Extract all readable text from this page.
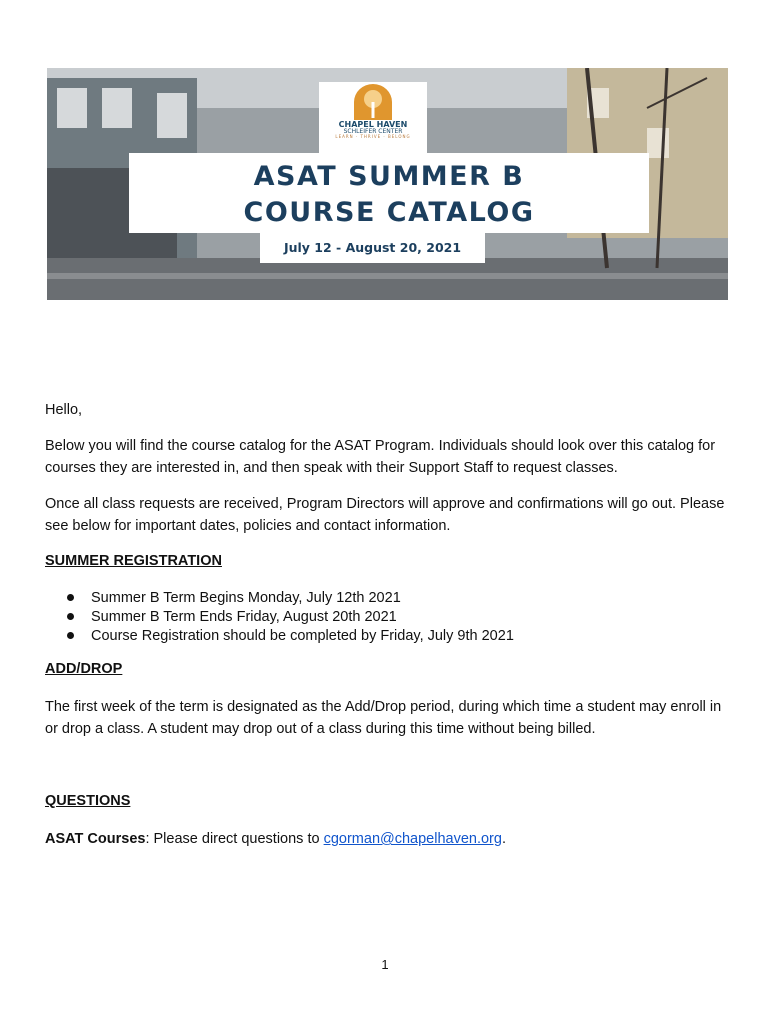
CHAPEL HAVEN
SCHLEIFER CENTER
LEARN · THRIVE · BELONG
ASAT SUMMER B
COURSE CATALOG
July 12 - August 20, 2021

Hello,

Below you will find the course catalog for the ASAT Program. Individuals should look over this catalog for courses they are interested in, and then speak with their Support Staff to request classes.

Once all class requests are received, Program Directors will approve and confirmations will go out. Please see below for important dates, policies and contact information.

SUMMER REGISTRATION

Summer B Term Begins Monday, July 12th 2021
Summer B Term Ends Friday, August 20th 2021
Course Registration should be completed by Friday, July 9th 2021

ADD/DROP

The first week of the term is designated as the Add/Drop period, during which time a student may enroll in or drop a class. A student may drop out of a class during this time without being billed.

QUESTIONS

ASAT Courses: Please direct questions to cgorman@chapelhaven.org.

1
